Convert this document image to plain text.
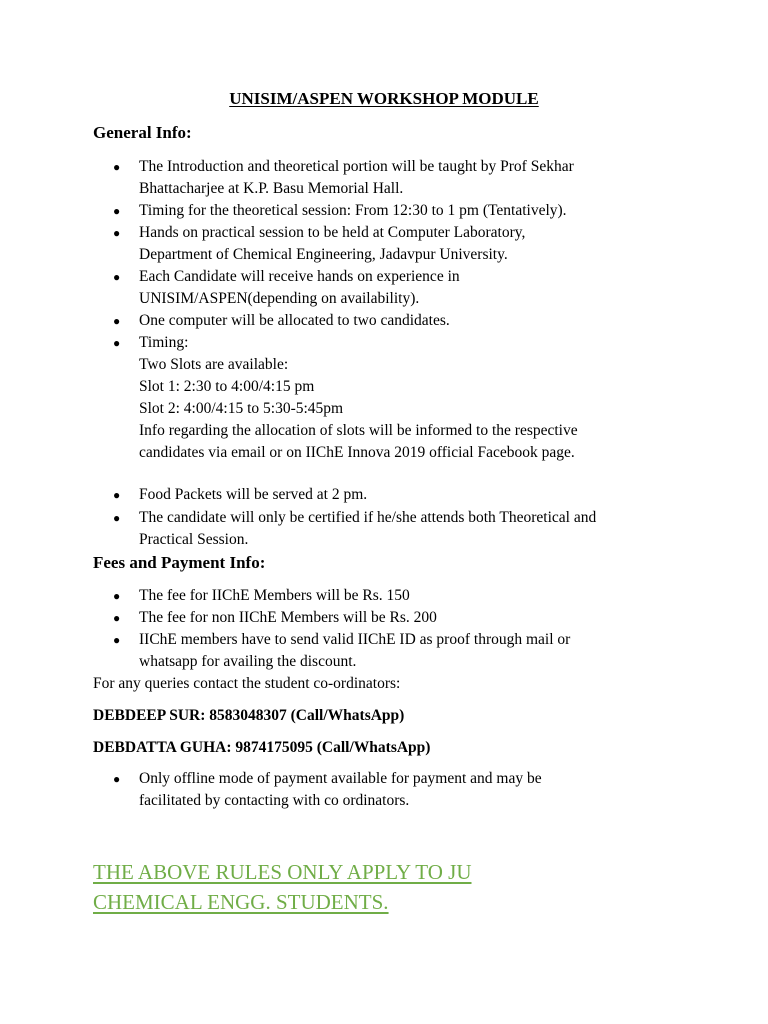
UNISIM/ASPEN WORKSHOP MODULE
General Info:
● The Introduction and theoretical portion will be taught by Prof Sekhar
Bhattacharjee at K.P. Basu Memorial Hall.
● Timing for the theoretical session: From 12:30 to 1 pm (Tentatively).
● Hands on practical session to be held at Computer Laboratory,
Department of Chemical Engineering, Jadavpur University.
● Each Candidate will receive hands on experience in
UNISIM/ASPEN(depending on availability).
● One computer will be allocated to two candidates.
● Timing:
Two Slots are available:
Slot 1: 2:30 to 4:00/4:15 pm
Slot 2: 4:00/4:15 to 5:30-5:45pm
Info regarding the allocation of slots will be informed to the respective
candidates via email or on IIChE Innova 2019 official Facebook page.
● Food Packets will be served at 2 pm.
● The candidate will only be certified if he/she attends both Theoretical and
Practical Session.
Fees and Payment Info:
● The fee for IIChE Members will be Rs. 150
● The fee for non IIChE Members will be Rs. 200
● IIChE members have to send valid IIChE ID as proof through mail or
whatsapp for availing the discount.
For any queries contact the student co-ordinators:
DEBDEEP SUR: 8583048307 (Call/WhatsApp)
DEBDATTA GUHA: 9874175095 (Call/WhatsApp)
● Only offline mode of payment available for payment and may be
facilitated by contacting with co ordinators.
THE ABOVE RULES ONLY APPLY TO JU
CHEMICAL ENGG. STUDENTS.
